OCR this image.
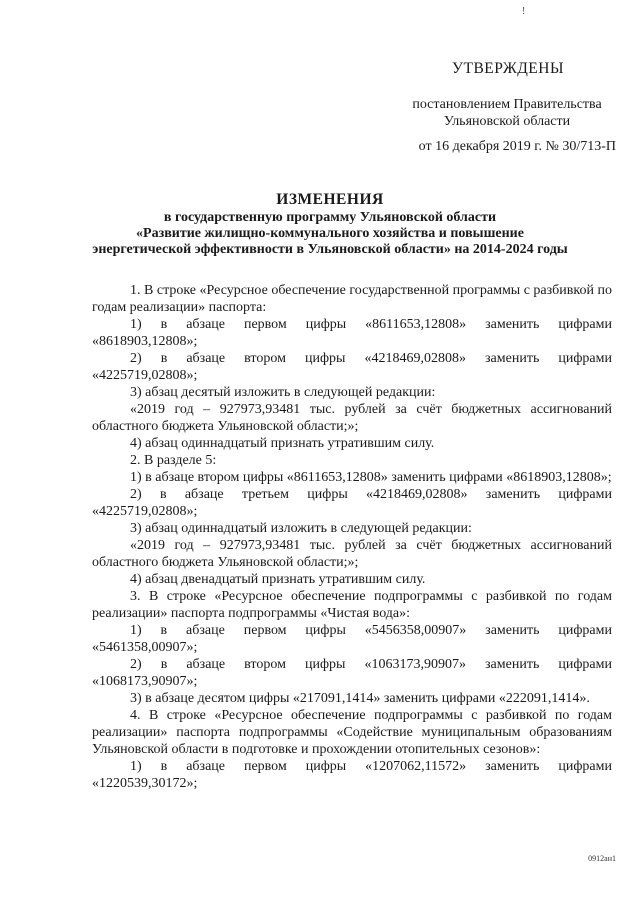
!
УТВЕРЖДЕНЫ
постановлением Правительства
Ульяновской области
от 16 декабря 2019 г. № 30/713-П
ИЗМЕНЕНИЯ
в государственную программу Ульяновской области
«Развитие жилищно-коммунального хозяйства и повышение
энергетической эффективности в Ульяновской области» на 2014-2024 годы

1. В строке «Ресурсное обеспечение государственной программы с разбивкой по годам реализации» паспорта:

1) в абзаце первом цифры «8611653,12808» заменить цифрами «8618903,12808»;

2) в абзаце втором цифры «4218469,02808» заменить цифрами «4225719,02808»;

3) абзац десятый изложить в следующей редакции:

«2019 год – 927973,93481 тыс. рублей за счёт бюджетных ассигнований областного бюджета Ульяновской области;»;

4) абзац одиннадцатый признать утратившим силу.

2. В разделе 5:

1) в абзаце втором цифры «8611653,12808» заменить цифрами «8618903,12808»;

2) в абзаце третьем цифры «4218469,02808» заменить цифрами «4225719,02808»;

3) абзац одиннадцатый изложить в следующей редакции:

«2019 год – 927973,93481 тыс. рублей за счёт бюджетных ассигнований областного бюджета Ульяновской области;»;

4) абзац двенадцатый признать утратившим силу.

3. В строке «Ресурсное обеспечение подпрограммы с разбивкой по годам реализации» паспорта подпрограммы «Чистая вода»:

1) в абзаце первом цифры «5456358,00907» заменить цифрами «5461358,00907»;

2) в абзаце втором цифры «1063173,90907» заменить цифрами «1068173,90907»;

3) в абзаце десятом цифры «217091,1414» заменить цифрами «222091,1414».

4. В строке «Ресурсное обеспечение подпрограммы с разбивкой по годам реализации» паспорта подпрограммы «Содействие муниципальным образованиям Ульяновской области в подготовке и прохождении отопительных сезонов»:

1) в абзаце первом цифры «1207062,11572» заменить цифрами «1220539,30172»;

0912ан1
